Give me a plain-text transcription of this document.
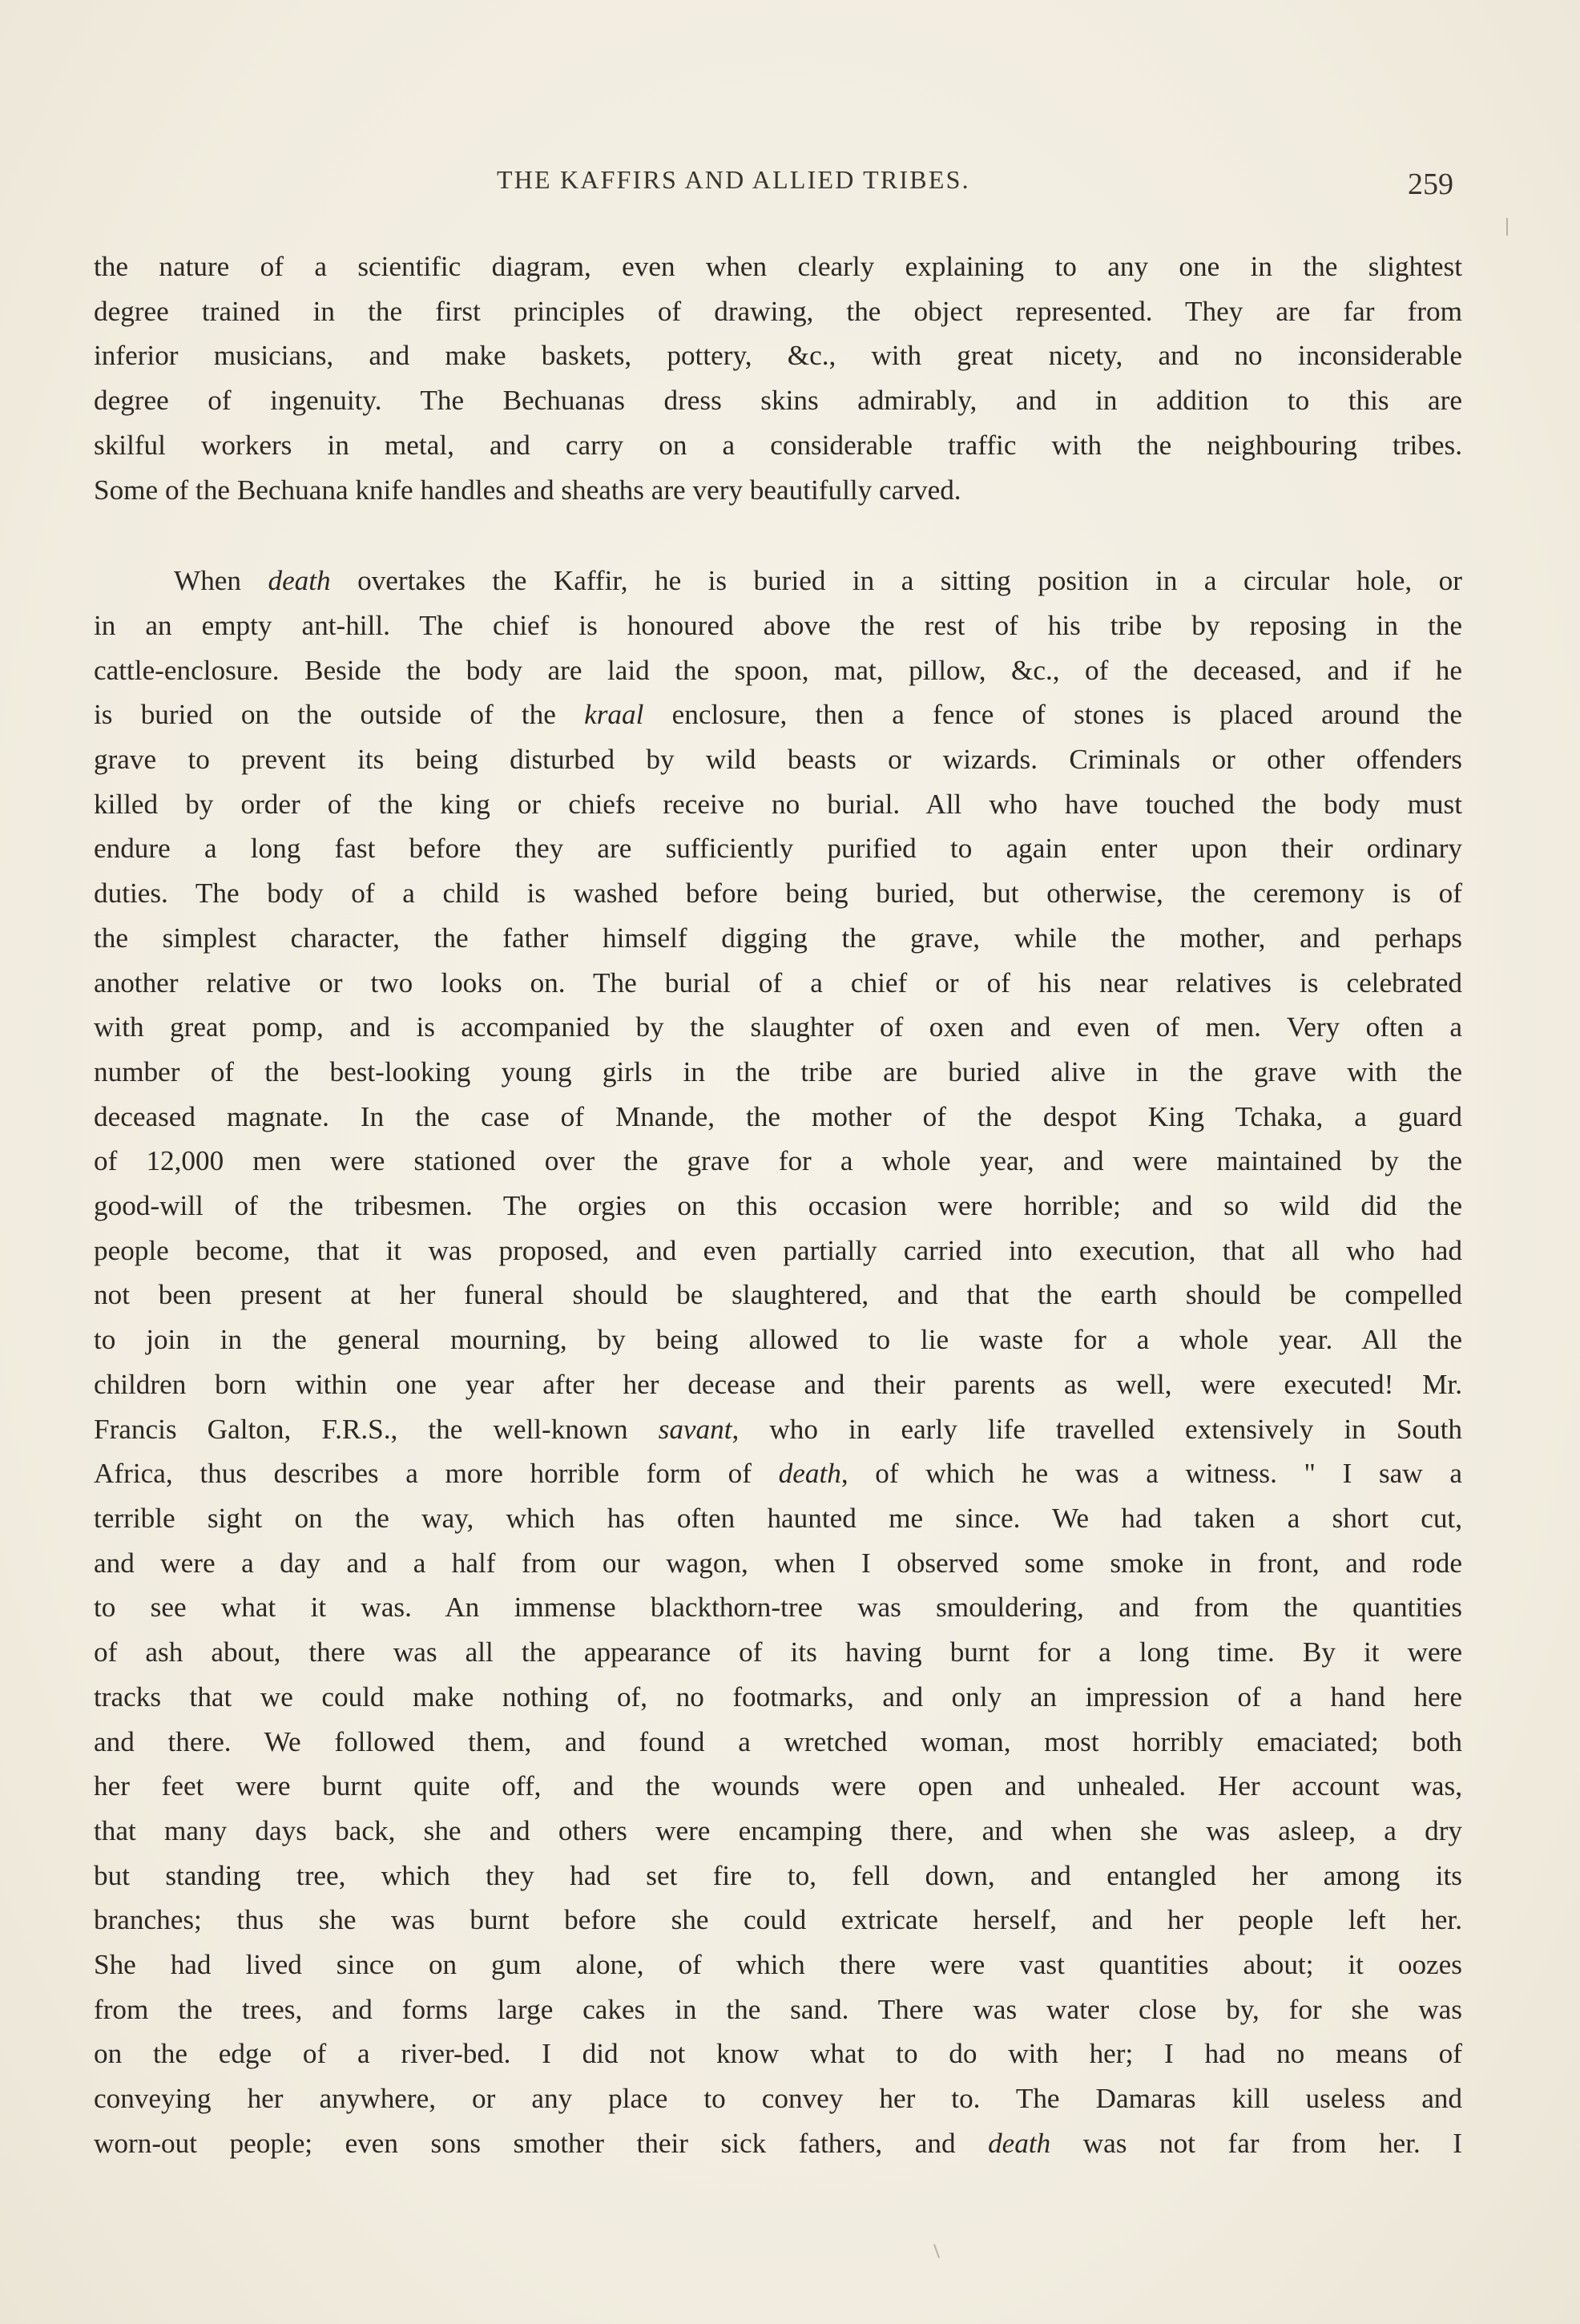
THE KAFFIRS AND ALLIED TRIBES.	259

the nature of a scientific diagram, even when clearly explaining to any one in the slightest
degree trained in the first principles of drawing, the object represented. They are far from
inferior musicians, and make baskets, pottery, &c., with great nicety, and no inconsiderable
degree of ingenuity. The Bechuanas dress skins admirably, and in addition to this are
skilful workers in metal, and carry on a considerable traffic with the neighbouring tribes.
Some of the Bechuana knife handles and sheaths are very beautifully carved.

When death overtakes the Kaffir, he is buried in a sitting position in a circular hole, or
in an empty ant-hill. The chief is honoured above the rest of his tribe by reposing in the
cattle-enclosure. Beside the body are laid the spoon, mat, pillow, &c., of the deceased, and if he
is buried on the outside of the kraal enclosure, then a fence of stones is placed around the
grave to prevent its being disturbed by wild beasts or wizards. Criminals or other offenders
killed by order of the king or chiefs receive no burial. All who have touched the body must
endure a long fast before they are sufficiently purified to again enter upon their ordinary
duties. The body of a child is washed before being buried, but otherwise, the ceremony is of
the simplest character, the father himself digging the grave, while the mother, and perhaps
another relative or two looks on. The burial of a chief or of his near relatives is celebrated
with great pomp, and is accompanied by the slaughter of oxen and even of men. Very often a
number of the best-looking young girls in the tribe are buried alive in the grave with the
deceased magnate. In the case of Mnande, the mother of the despot King Tchaka, a guard
of 12,000 men were stationed over the grave for a whole year, and were maintained by the
good-will of the tribesmen. The orgies on this occasion were horrible; and so wild did the
people become, that it was proposed, and even partially carried into execution, that all who had
not been present at her funeral should be slaughtered, and that the earth should be compelled
to join in the general mourning, by being allowed to lie waste for a whole year. All the
children born within one year after her decease and their parents as well, were executed! Mr.
Francis Galton, F.R.S., the well-known savant, who in early life travelled extensively in South
Africa, thus describes a more horrible form of death, of which he was a witness. " I saw a
terrible sight on the way, which has often haunted me since. We had taken a short cut,
and were a day and a half from our wagon, when I observed some smoke in front, and rode
to see what it was. An immense blackthorn-tree was smouldering, and from the quantities
of ash about, there was all the appearance of its having burnt for a long time. By it were
tracks that we could make nothing of, no footmarks, and only an impression of a hand here
and there. We followed them, and found a wretched woman, most horribly emaciated; both
her feet were burnt quite off, and the wounds were open and unhealed. Her account was,
that many days back, she and others were encamping there, and when she was asleep, a dry
but standing tree, which they had set fire to, fell down, and entangled her among its
branches; thus she was burnt before she could extricate herself, and her people left her.
She had lived since on gum alone, of which there were vast quantities about; it oozes
from the trees, and forms large cakes in the sand. There was water close by, for she was
on the edge of a river-bed. I did not know what to do with her; I had no means of
conveying her anywhere, or any place to convey her to. The Damaras kill useless and
worn-out people; even sons smother their sick fathers, and death was not far from her. I
